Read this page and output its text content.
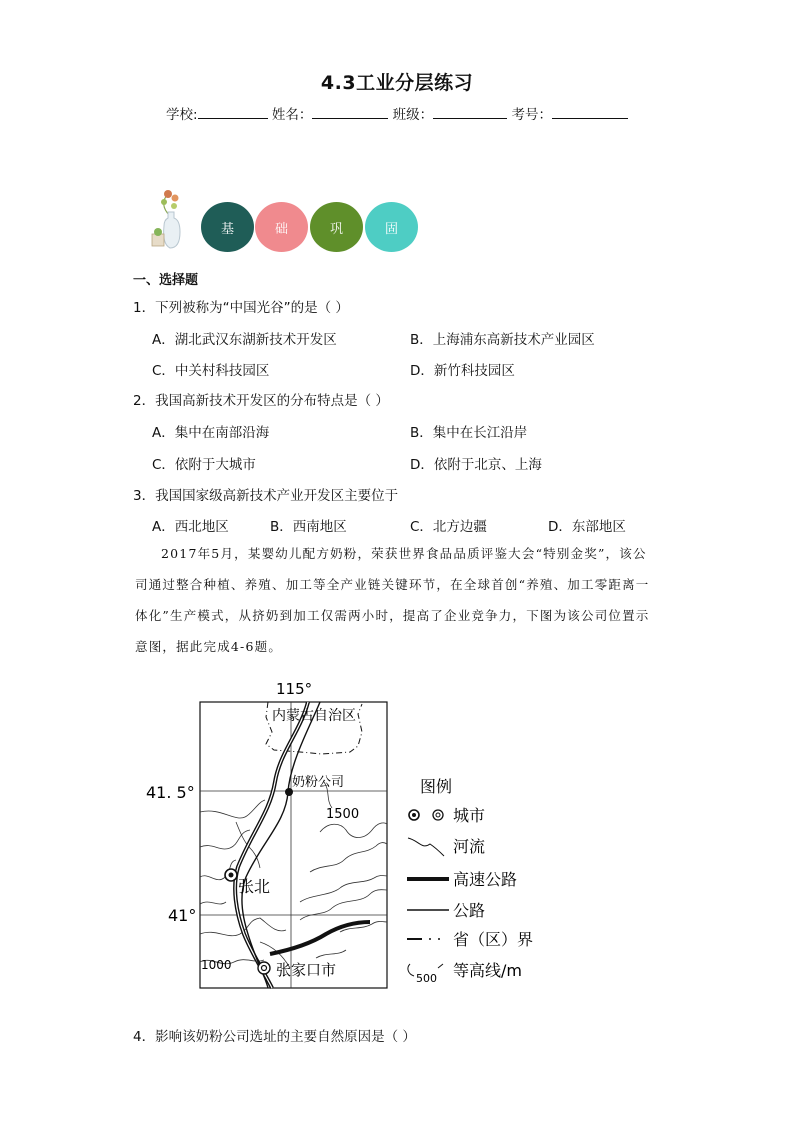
4.3工业分层练习
学校:	姓名：	班级：	考号：
基	础	巩	固
一、选择题
1．下列被称为“中国光谷”的是（ ）
A．湖北武汉东湖新技术开发区	B．上海浦东高新技术产业园区
C．中关村科技园区	D．新竹科技园区
2．我国高新技术开发区的分布特点是（ ）
A．集中在南部沿海	B．集中在长江沿岸
C．依附于大城市	D．依附于北京、上海
3．我国国家级高新技术产业开发区主要位于
A．西北地区	B．西南地区	C．北方边疆	D．东部地区
2017年5月，某婴幼儿配方奶粉，荣获世界食品品质评鉴大会“特别金奖”，该公
司通过整合种植、养殖、加工等全产业链关键环节，在全球首创“养殖、加工零距离一
体化”生产模式，从挤奶到加工仅需两小时，提高了企业竞争力，下图为该公司位置示
意图，据此完成4-6题。
115°
内蒙古自治区
奶粉公司
1500
41. 5°
41°
张北
1000	张家口市
图例
城市
河流
高速公路
公路
省（区）界
500 等高线/m
4．影响该奶粉公司选址的主要自然原因是（ ）
